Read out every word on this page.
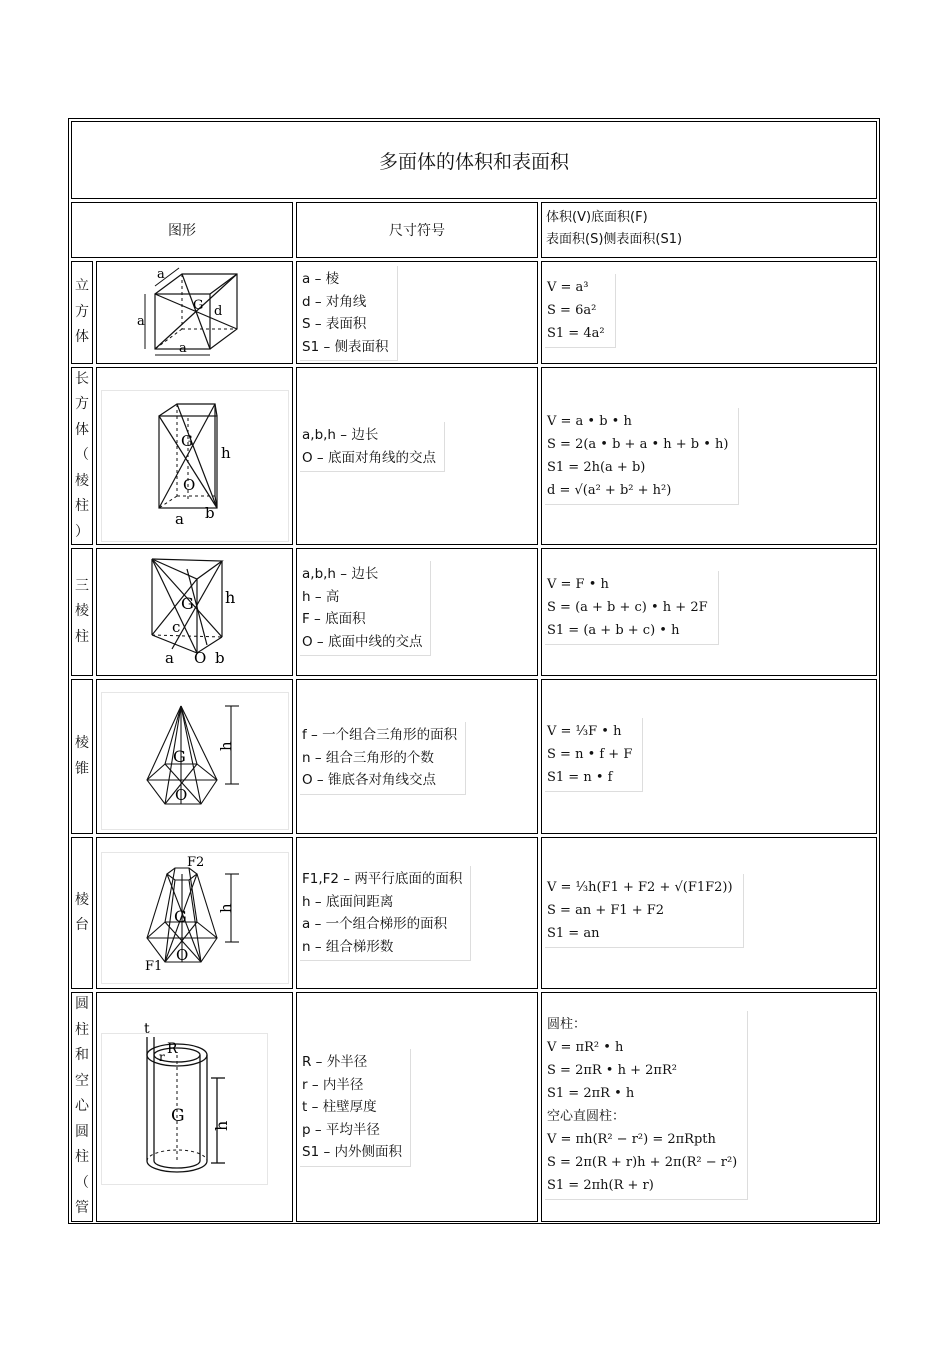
多面体的体积和表面积
图形	尺寸符号
体积(V)底面积(F)
表面积(S)侧表面积(S1)
立
方
体
a
a
a
d
G
a – 棱
d – 对角线
S – 表面积
S1 – 侧表面积
V = a³
S = 6a²
S1 = 4a²
长
方
体
（
棱
柱
）
G
O
h
a b
a,b,h – 边长
O – 底面对角线的交点
V = a • b • h
S = 2(a • b + a • h + b • h)
S1 = 2h(a + b)
d = √(a² + b² + h²)
三
棱
柱
G h
c
a O b
a,b,h – 边长
h – 高
F – 底面积
O – 底面中线的交点
V = F • h
S = (a + b + c) • h + 2F
S1 = (a + b + c) • h
棱
锥
G
O
h
f – 一个组合三角形的面积
n – 组合三角形的个数
O – 锥底各对角线交点
V = ⅓F • h
S = n • f + F
S1 = n • f
棱
台
F2
G
O
h
F1
F1,F2 – 两平行底面的面积
h – 底面间距离
a – 一个组合梯形的面积
n – 组合梯形数
V = ⅓h(F1 + F2 + √(F1F2))
S = an + F1 + F2
S1 = an
圆
柱
和
空
心
圆
柱
（
管
t
R
r
G h
R – 外半径
r – 内半径
t – 柱壁厚度
p – 平均半径
S1 – 内外侧面积
圆柱：
V = πR² • h
S = 2πR • h + 2πR²
S1 = 2πR • h
空心直圆柱：
V = πh(R² − r²) = 2πRpth
S = 2π(R + r)h + 2π(R² − r²)
S1 = 2πh(R + r)
